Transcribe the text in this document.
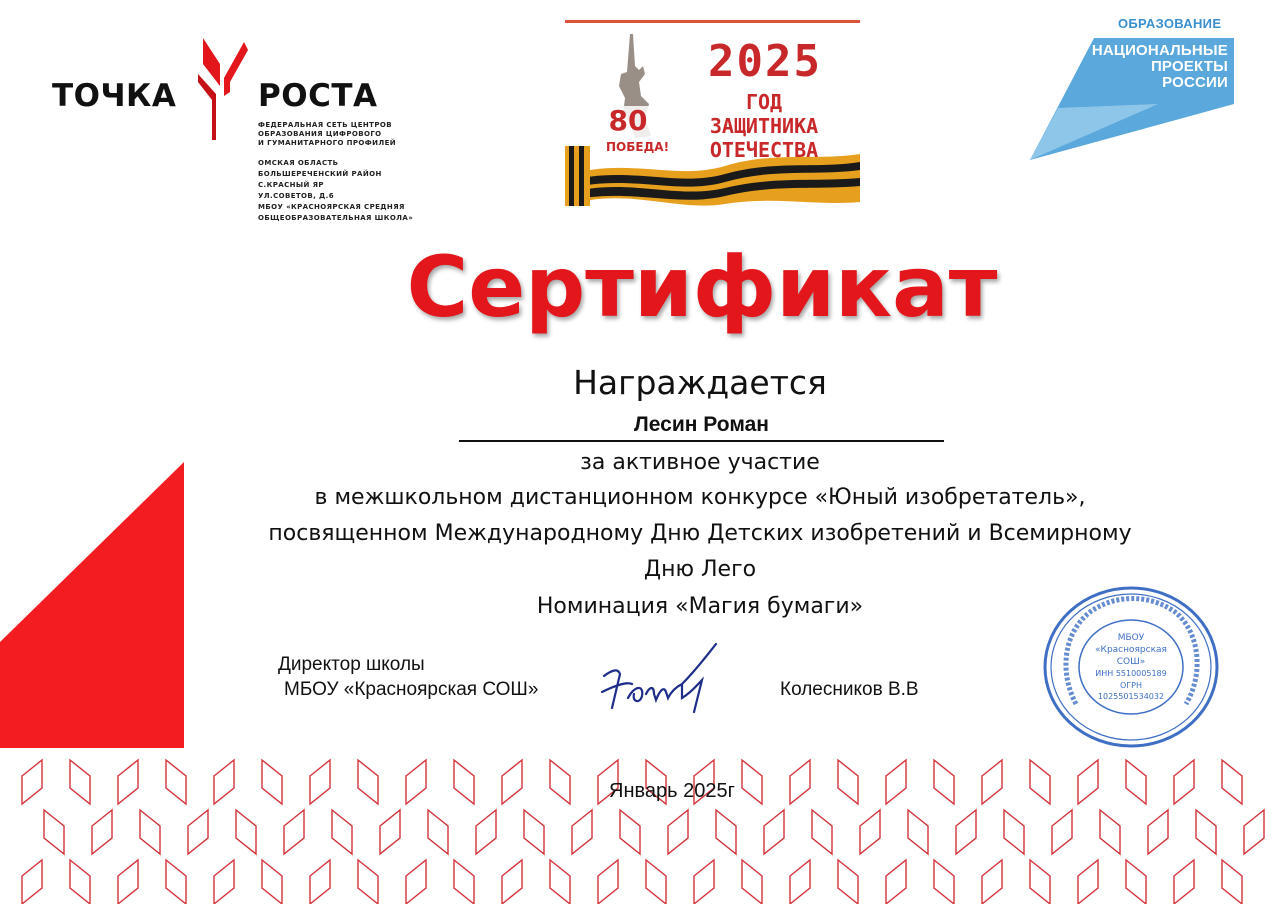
ТОЧКА	РОСТА
ФЕДЕРАЛЬНАЯ СЕТЬ ЦЕНТРОВ
ОБРАЗОВАНИЯ ЦИФРОВОГО
И ГУМАНИТАРНОГО ПРОФИЛЕЙ
ОМСКАЯ ОБЛАСТЬ
БОЛЬШЕРЕЧЕНСКИЙ РАЙОН
С.КРАСНЫЙ ЯР
УЛ.СОВЕТОВ, Д.6
МБОУ «КРАСНОЯРСКАЯ СРЕДНЯЯ
ОБЩЕОБРАЗОВАТЕЛЬНАЯ ШКОЛА»
2025
ГОД
ЗАЩИТНИКА
ОТЕЧЕСТВА
80
ПОБЕДА!
ОБРАЗОВАНИЕ
НАЦИОНАЛЬНЫЕ
ПРОЕКТЫ
РОССИИ
Сертификат
Награждается
Лесин Роман
за активное участие
в межшкольном дистанционном конкурсе «Юный изобретатель»,
посвященном Международному Дню Детских изобретений и Всемирному
Дню Лего
Номинация «Магия бумаги»
Директор школы
МБОУ «Красноярская СОШ»	Колесников В.В
МБОУ
«Красноярская
СОШ»
ИНН 5510005189
ОГРН
1025501534032
Январь 2025г
